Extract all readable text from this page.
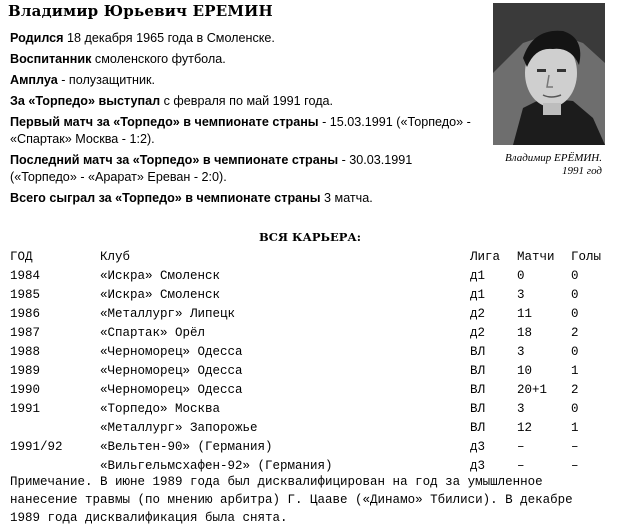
Владимир Юрьевич ЕРЕМИН

Родился 18 декабря 1965 года в Смоленске.

Воспитанник смоленского футбола.

Амплуа - полузащитник.

За «Торпедо» выступал с февраля по май 1991 года.

Первый матч за «Торпедо» в чемпионате страны - 15.03.1991 («Торпедо» - «Спартак» Москва - 1:2).

Последний матч за «Торпедо» в чемпионате страны - 30.03.1991 («Торпедо» - «Арарат» Ереван - 2:0).

Всего сыграл за «Торпедо» в чемпионате страны 3 матча.

Владимир ЕРЁМИН.
1991 год
ВСЯ КАРЬЕРА:
ГОД	Клуб	Лига	Матчи	Голы
1984	«Искра» Смоленск	д1	0	0
1985	«Искра» Смоленск	д1	3	0
1986	«Металлург» Липецк	д2	11	0
1987	«Спартак» Орёл	д2	18	2
1988	«Черноморец» Одесса	ВЛ	3	0
1989	«Черноморец» Одесса	ВЛ	10	1
1990	«Черноморец» Одесса	ВЛ	20+1	2
1991	«Торпедо» Москва	ВЛ	3	0
	«Металлург» Запорожье	ВЛ	12	1
1991/92	«Вельтен-90» (Германия)	д3	–	–
	«Вильгельмсхафен-92» (Германия)	д3	–	–

Примечание. В июне 1989 года был дисквалифицирован на год за умышленное нанесение травмы (по мнению арбитра) Г. Цааве («Динамо» Тбилиси). В декабре 1989 года дисквалификация была снята.
